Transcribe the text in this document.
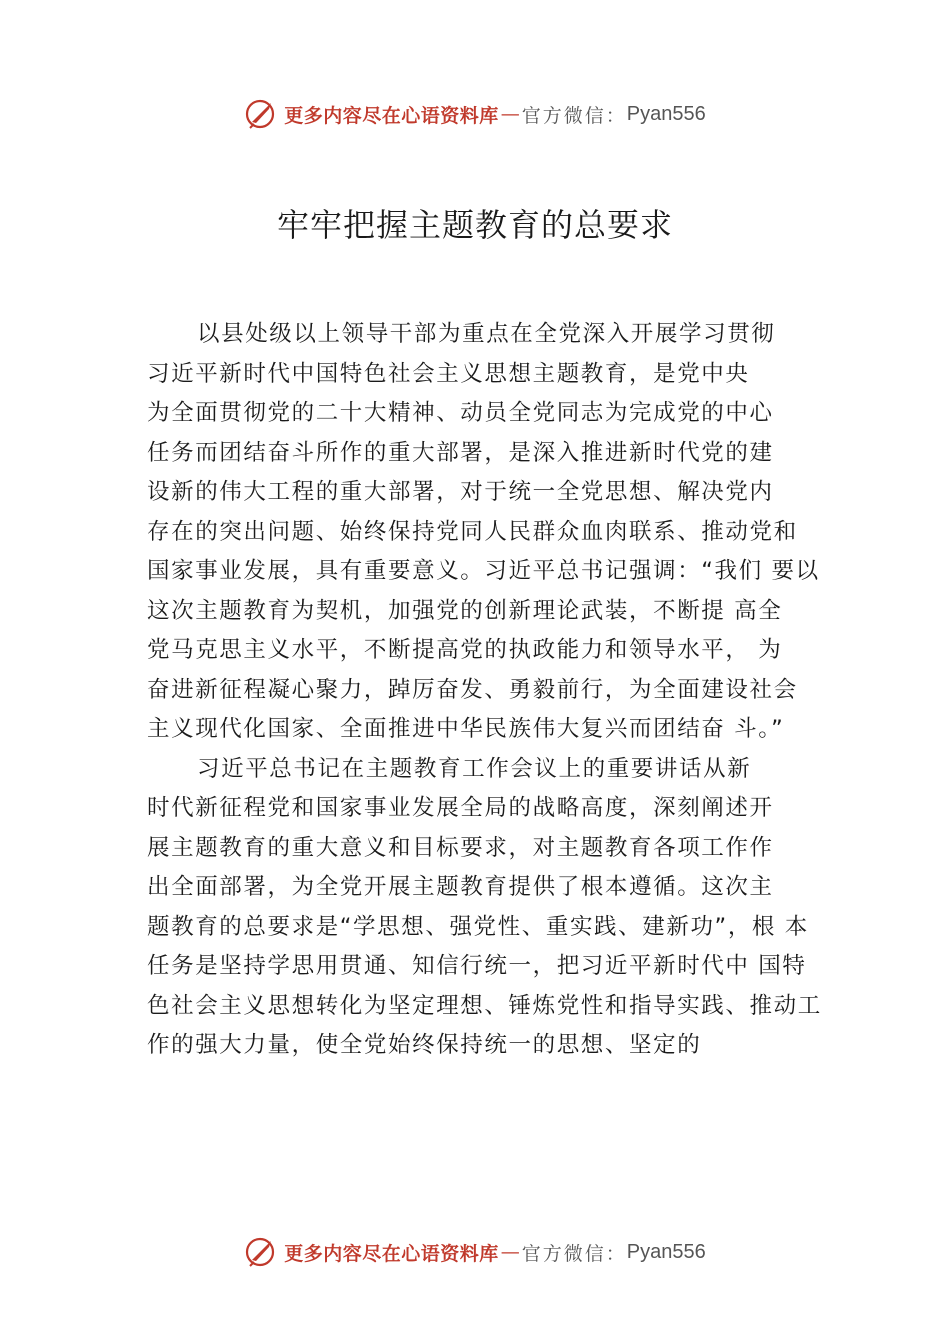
更多内容尽在心语资料库 — 官方微信： Pyan556
牢牢把握主题教育的总要求
以县处级以上领导干部为重点在全党深入开展学习贯彻
习近平新时代中国特色社会主义思想主题教育，是党中央
为全面贯彻党的二十大精神、动员全党同志为完成党的中心
任务而团结奋斗所作的重大部署，是深入推进新时代党的建
设新的伟大工程的重大部署，对于统一全党思想、解决党内
存在的突出问题、始终保持党同人民群众血肉联系、推动党和
国家事业发展，具有重要意义。习近平总书记强调：“我们 要以
这次主题教育为契机，加强党的创新理论武装，不断提 高全
党马克思主义水平，不断提高党的执政能力和领导水平， 为
奋进新征程凝心聚力，踔厉奋发、勇毅前行，为全面建设社会
主义现代化国家、全面推进中华民族伟大复兴而团结奋 斗。”
习近平总书记在主题教育工作会议上的重要讲话从新
时代新征程党和国家事业发展全局的战略高度，深刻阐述开
展主题教育的重大意义和目标要求，对主题教育各项工作作
出全面部署，为全党开展主题教育提供了根本遵循。这次主
题教育的总要求是“学思想、强党性、重实践、建新功”，根 本
任务是坚持学思用贯通、知信行统一，把习近平新时代中 国特
色社会主义思想转化为坚定理想、锤炼党性和指导实践、推动工
作的强大力量，使全党始终保持统一的思想、坚定的
更多内容尽在心语资料库 — 官方微信： Pyan556
